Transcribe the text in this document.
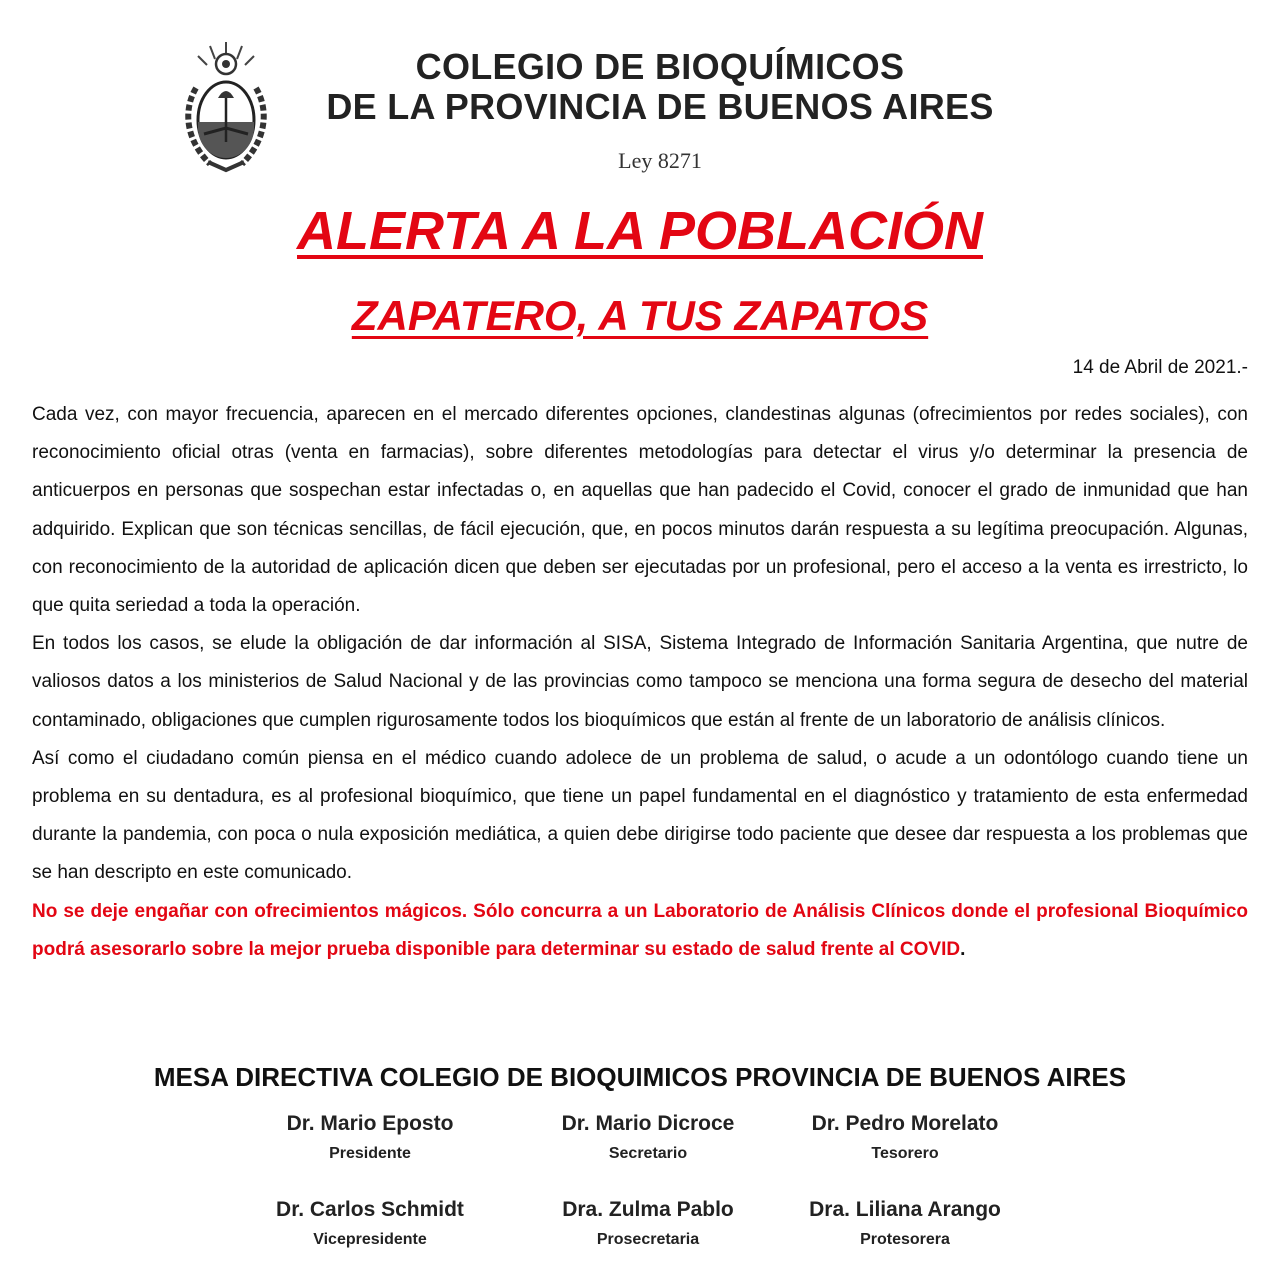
COLEGIO DE BIOQUÍMICOS
DE LA PROVINCIA DE BUENOS AIRES
Ley 8271
ALERTA A LA POBLACIÓN
ZAPATERO, A TUS ZAPATOS
14 de Abril de 2021.-

Cada vez, con mayor frecuencia, aparecen en el mercado diferentes opciones, clandestinas algunas (ofrecimientos por redes sociales), con reconocimiento oficial otras (venta en farmacias), sobre diferentes metodologías para detectar el virus y/o determinar la presencia de anticuerpos en personas que sospechan estar infectadas o, en aquellas que han padecido el Covid, conocer el grado de inmunidad que han adquirido. Explican que son técnicas sencillas, de fácil ejecución, que, en pocos minutos darán respuesta a su legítima preocupación. Algunas, con reconocimiento de la autoridad de aplicación dicen que deben ser ejecutadas por un profesional, pero el acceso a la venta es irrestricto, lo que quita seriedad a toda la operación.

En todos los casos, se elude la obligación de dar información al SISA, Sistema Integrado de Información Sanitaria Argentina, que nutre de valiosos datos a los ministerios de Salud Nacional y de las provincias como tampoco se menciona una forma segura de desecho del material contaminado, obligaciones que cumplen rigurosamente todos los bioquímicos que están al frente de un laboratorio de análisis clínicos.

Así como el ciudadano común piensa en el médico cuando adolece de un problema de salud, o acude a un odontólogo cuando tiene un problema en su dentadura, es al profesional bioquímico, que tiene un papel fundamental en el diagnóstico y tratamiento de esta enfermedad durante la pandemia, con poca o nula exposición mediática, a quien debe dirigirse todo paciente que desee dar respuesta a los problemas que se han descripto en este comunicado.

No se deje engañar con ofrecimientos mágicos. Sólo concurra a un Laboratorio de Análisis Clínicos donde el profesional Bioquímico podrá asesorarlo sobre la mejor prueba disponible para determinar su estado de salud frente al COVID.

MESA DIRECTIVA COLEGIO DE BIOQUIMICOS PROVINCIA DE BUENOS AIRES
Dr. Mario Eposto
Presidente
Dr. Mario Dicroce
Secretario
Dr. Pedro Morelato
Tesorero
Dr. Carlos Schmidt
Vicepresidente
Dra. Zulma Pablo
Prosecretaria
Dra. Liliana Arango
Protesorera
